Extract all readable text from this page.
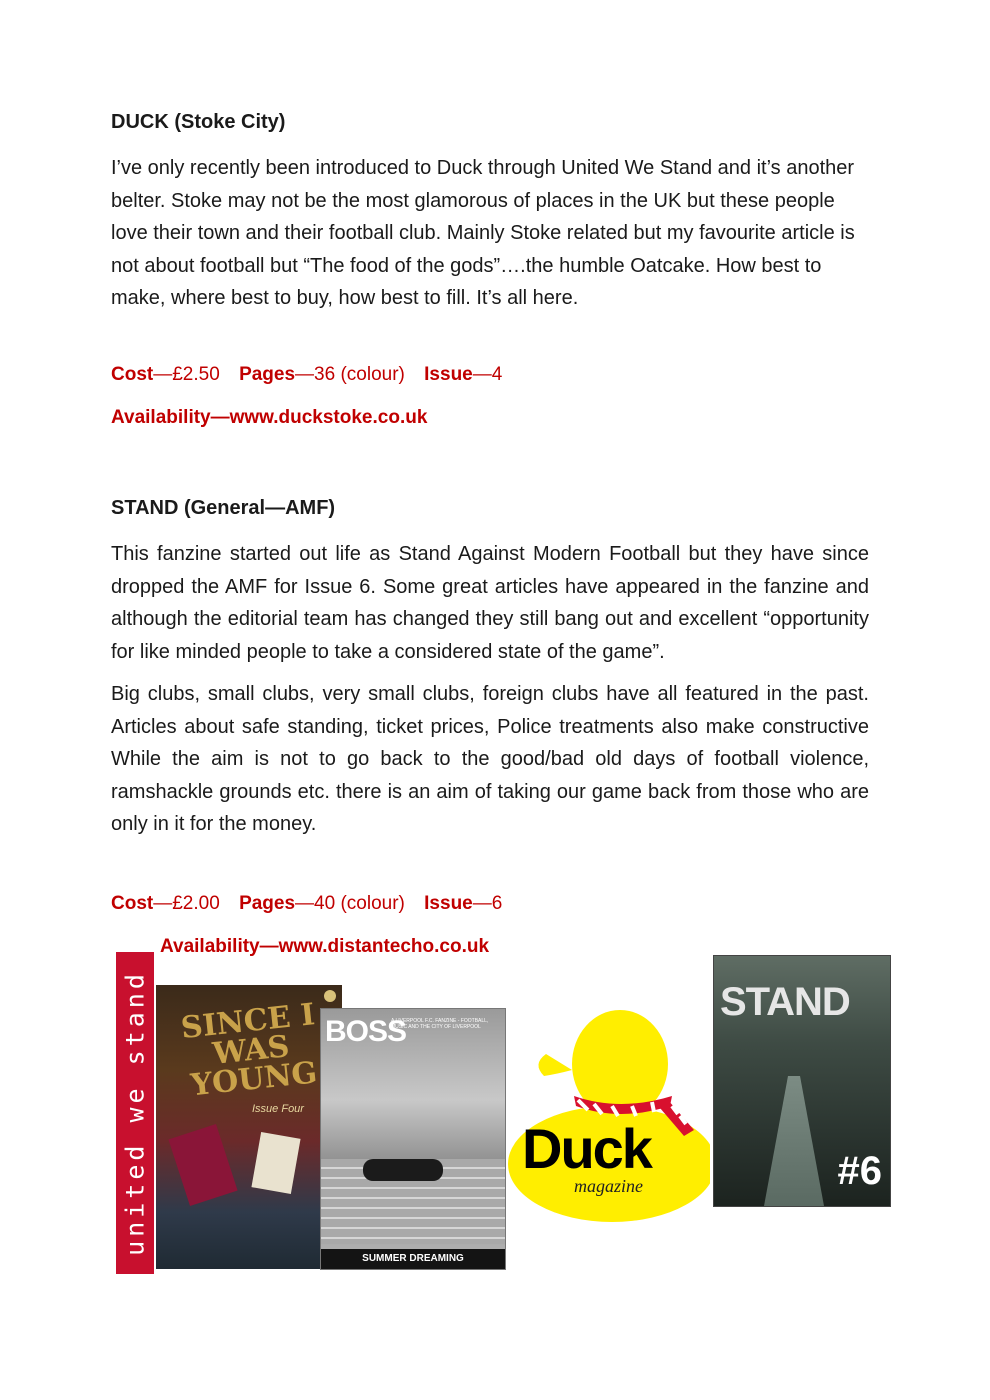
DUCK (Stoke City)

I’ve only recently been introduced to Duck through United We Stand and it’s another belter. Stoke may not be the most glamorous of places in the UK but these people love their town and their football club. Mainly Stoke related but my favourite article is not about football but “The food of the gods”….the humble Oatcake. How best to make, where best to buy, how best to fill. It’s all here.

Cost—£2.50 Pages—36 (colour) Issue—4
Availability—www.duckstoke.co.uk

STAND (General—AMF)

This fanzine started out life as Stand Against Modern Football but they have since dropped the AMF for Issue 6. Some great articles have appeared in the fanzine and although the editorial team has changed they still bang out and excellent “opportunity for like minded people to take a considered state of the game”.

Big clubs, small clubs, very small clubs, foreign clubs have all featured in the past. Articles about safe standing, ticket prices, Police treatments also make constructive While the aim is not to go back to the good/bad old days of football violence, ramshackle grounds etc. there is an aim of taking our game back from those who are only in it for the money.

Cost—£2.00 Pages—40 (colour) Issue—6
Availability—www.distantecho.co.uk
united we stand SINCE I WAS YOUNG
Issue Four
BOSS
A LIVERPOOL F.C. FANZINE - FOOTBALL, MUSIC AND THE CITY OF LIVERPOOL
SUMMER DREAMING
Duck
magazine
STAND
#6
